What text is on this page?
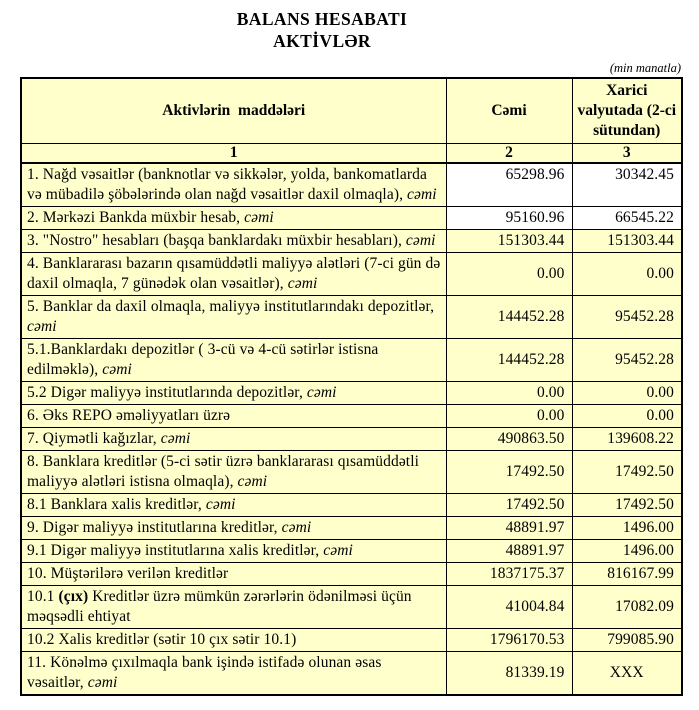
BALANS HESABATI
AKTİVLƏR
(min manatla)
Aktivlərin  maddələri	Cəmi	Xarici valyutada (2-ci sütundan)
1	2	3
1. Nağd vəsaitlər (banknotlar və sikkələr, yolda, bankomatlarda və mübadilə şöbələrində olan nağd vəsaitlər daxil olmaqla), cəmi	65298.96	30342.45
2. Mərkəzi Bankda müxbir hesab, cəmi	95160.96	66545.22
3. "Nostro" hesabları (başqa banklardakı müxbir hesabları), cəmi	151303.44	151303.44
4. Banklararası bazarın qısamüddətli maliyyə alətləri (7-ci gün də daxil olmaqla, 7 günədək olan vəsaitlər), cəmi	0.00	0.00
5. Banklar da daxil olmaqla, maliyyə institutlarındakı depozitlər, cəmi	144452.28	95452.28
5.1.Banklardakı depozitlər ( 3-cü və 4-cü sətirlər istisna edilməklə), cəmi	144452.28	95452.28
5.2 Digər maliyyə institutlarında depozitlər, cəmi	0.00	0.00
6. Əks REPO əməliyyatları üzrə	0.00	0.00
7. Qiymətli kağızlar, cəmi	490863.50	139608.22
8. Banklara kreditlər (5-ci sətir üzrə banklararası qısamüddətli maliyyə alətləri istisna olmaqla), cəmi	17492.50	17492.50
8.1 Banklara xalis kreditlər, cəmi	17492.50	17492.50
9. Digər maliyyə institutlarına kreditlər, cəmi	48891.97	1496.00
9.1 Digər maliyyə institutlarına xalis kreditlər, cəmi	48891.97	1496.00
10. Müştərilərə verilən kreditlər	1837175.37	816167.99
10.1 (çıx) Kreditlər üzrə mümkün zərərlərin ödənilməsi üçün məqsədli ehtiyat	41004.84	17082.09
10.2 Xalis kreditlər (sətir 10 çıx sətir 10.1)	1796170.53	799085.90
11. Könəlmə çıxılmaqla bank işində istifadə olunan əsas vəsaitlər, cəmi	81339.19	XXX
